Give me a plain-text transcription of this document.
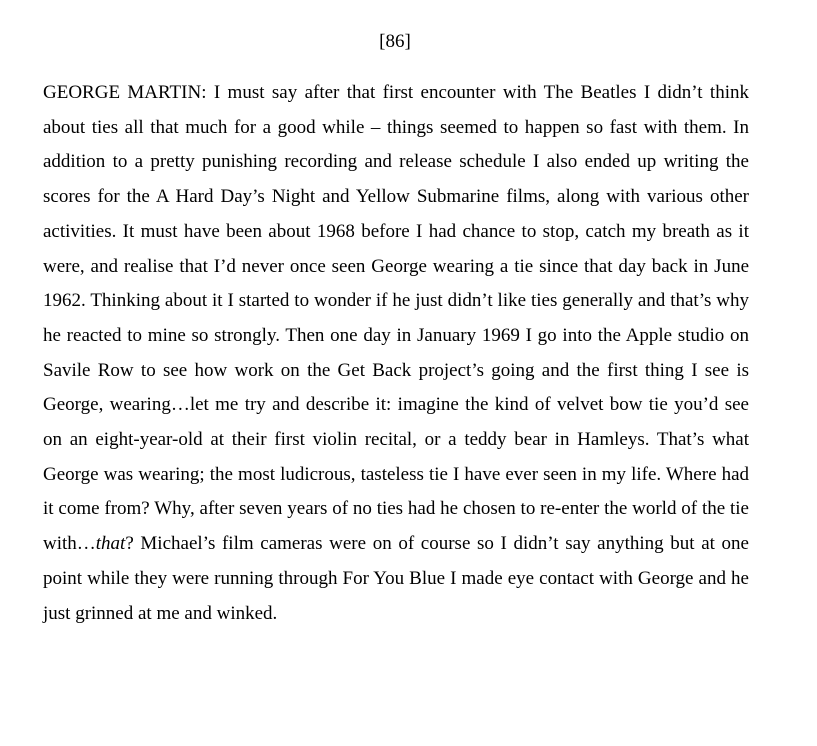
[86]

GEORGE MARTIN: I must say after that first encounter with The Beatles I didn’t think about ties all that much for a good while – things seemed to happen so fast with them. In addition to a pretty punishing recording and release schedule I also ended up writing the scores for the A Hard Day’s Night and Yellow Submarine films, along with various other activities. It must have been about 1968 before I had chance to stop, catch my breath as it were, and realise that I’d never once seen George wearing a tie since that day back in June 1962. Thinking about it I started to wonder if he just didn’t like ties generally and that’s why he reacted to mine so strongly. Then one day in January 1969 I go into the Apple studio on Savile Row to see how work on the Get Back project’s going and the first thing I see is George, wearing…let me try and describe it: imagine the kind of velvet bow tie you’d see on an eight-year-old at their first violin recital, or a teddy bear in Hamleys. That’s what George was wearing; the most ludicrous, tasteless tie I have ever seen in my life. Where had it come from? Why, after seven years of no ties had he chosen to re-enter the world of the tie with…that? Michael’s film cameras were on of course so I didn’t say anything but at one point while they were running through For You Blue I made eye contact with George and he just grinned at me and winked.
